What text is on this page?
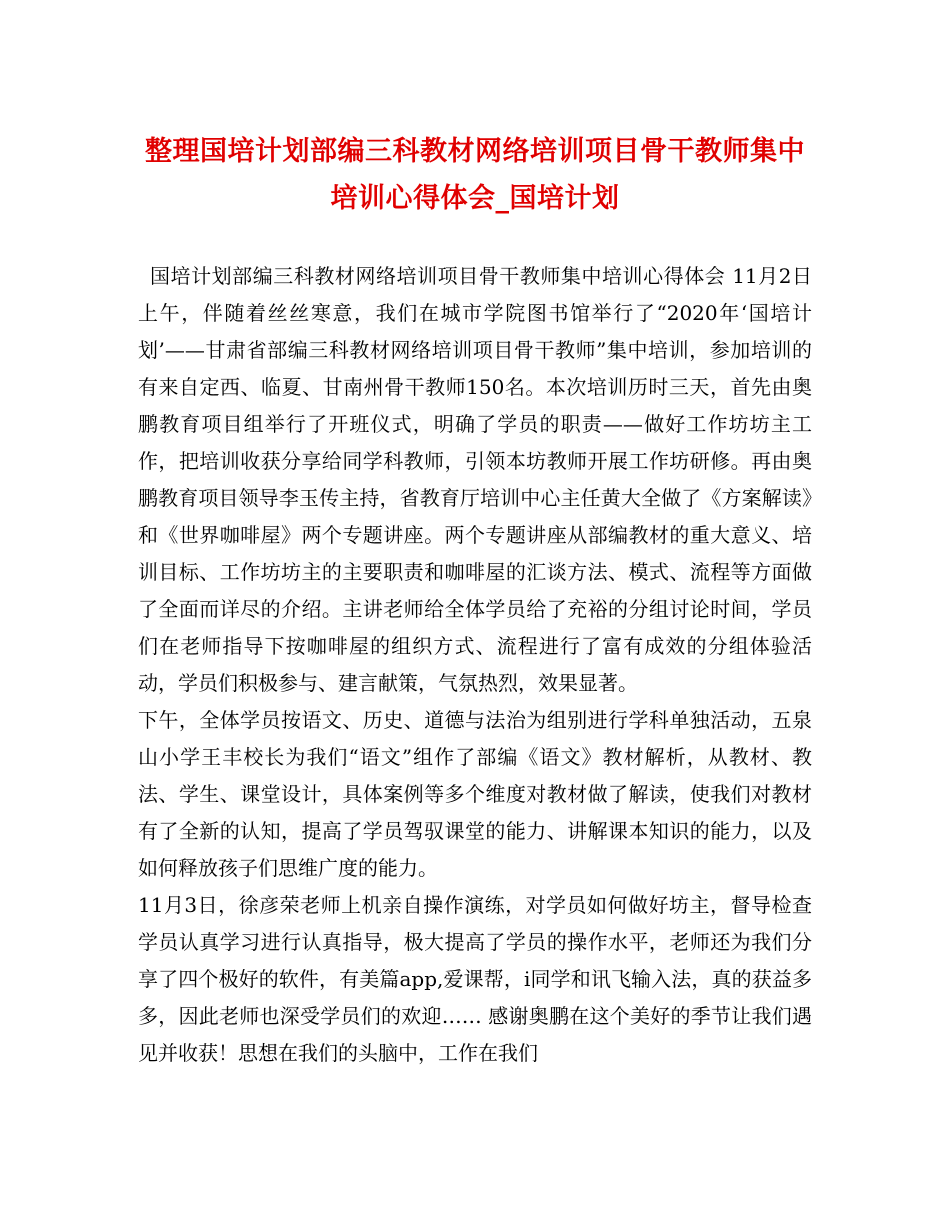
整理国培计划部编三科教材网络培训项目骨干教师集中
培训心得体会_国培计划

国培计划部编三科教材网络培训项目骨干教师集中培训心得体会 11月2日上午，伴随着丝丝寒意，我们在城市学院图书馆举行了“2020年‘国培计划’——甘肃省部编三科教材网络培训项目骨干教师”集中培训，参加培训的有来自定西、临夏、甘南州骨干教师150名。本次培训历时三天，首先由奥鹏教育项目组举行了开班仪式，明确了学员的职责——做好工作坊坊主工作，把培训收获分享给同学科教师，引领本坊教师开展工作坊研修。再由奥鹏教育项目领导李玉传主持，省教育厅培训中心主任黄大全做了《方案解读》和《世界咖啡屋》两个专题讲座。两个专题讲座从部编教材的重大意义、培训目标、工作坊坊主的主要职责和咖啡屋的汇谈方法、模式、流程等方面做了全面而详尽的介绍。主讲老师给全体学员给了充裕的分组讨论时间，学员们在老师指导下按咖啡屋的组织方式、流程进行了富有成效的分组体验活动，学员们积极参与、建言献策，气氛热烈，效果显著。

下午，全体学员按语文、历史、道德与法治为组别进行学科单独活动，五泉山小学王丰校长为我们“语文”组作了部编《语文》教材解析，从教材、教法、学生、课堂设计，具体案例等多个维度对教材做了解读，使我们对教材有了全新的认知，提高了学员驾驭课堂的能力、讲解课本知识的能力，以及如何释放孩子们思维广度的能力。

11月3日，徐彦荣老师上机亲自操作演练，对学员如何做好坊主，督导检查学员认真学习进行认真指导，极大提高了学员的操作水平，老师还为我们分享了四个极好的软件，有美篇app,爱课帮，i同学和讯飞输入法，真的获益多多，因此老师也深受学员们的欢迎…… 感谢奥鹏在这个美好的季节让我们遇见并收获！思想在我们的头脑中，工作在我们
